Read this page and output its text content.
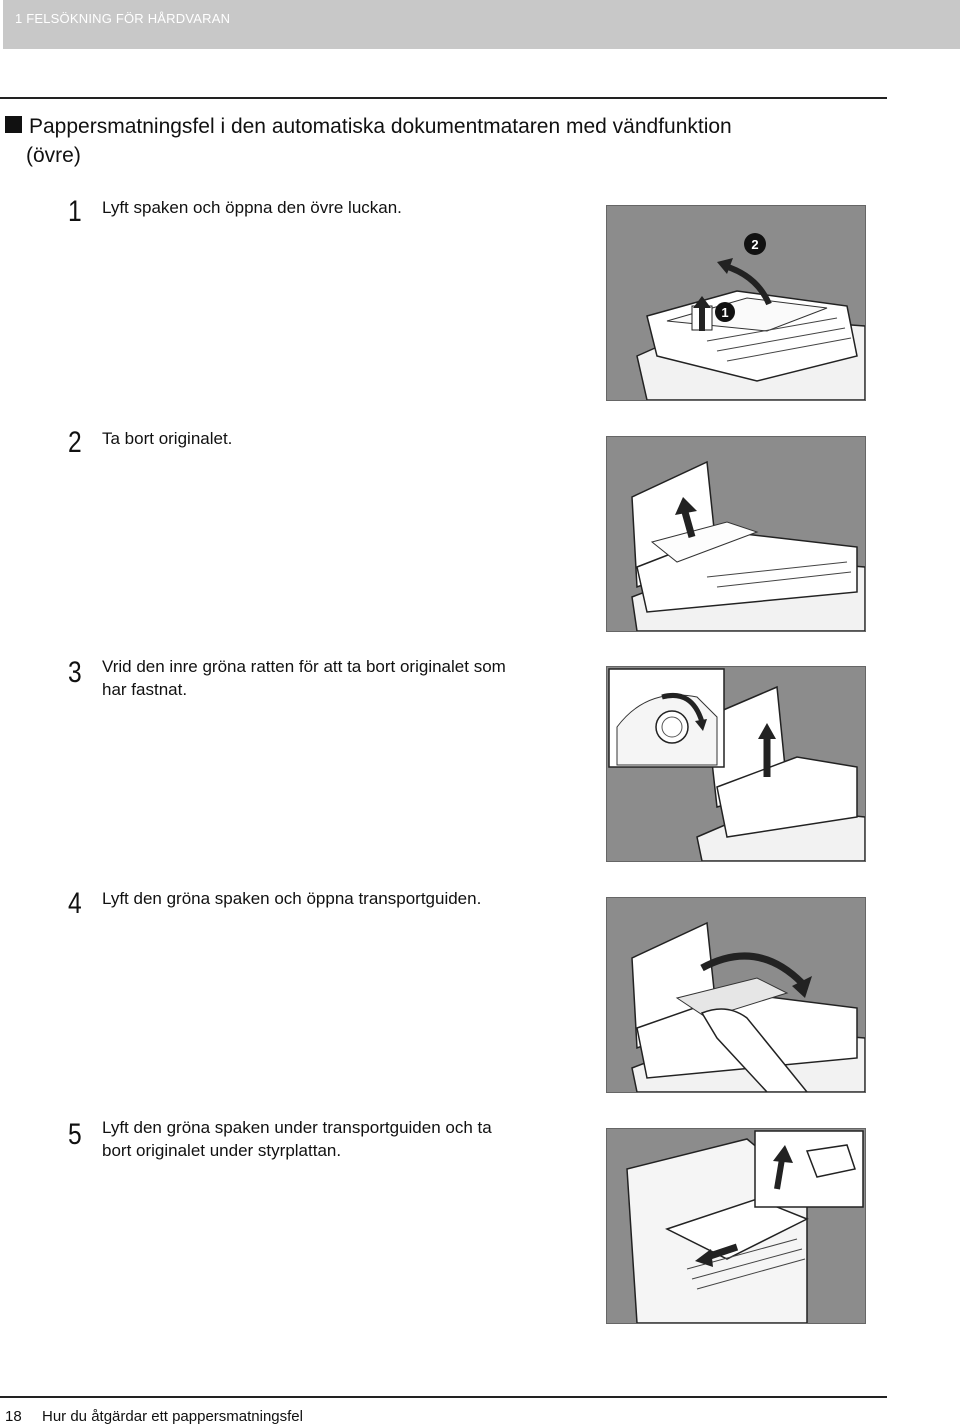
1 FELSÖKNING FÖR HÅRDVARAN
Pappersmatningsfel i den automatiska dokumentmataren med vändfunktion
(övre)
1 Lyft spaken och öppna den övre luckan.
1
2
2 Ta bort originalet.
3 Vrid den inre gröna ratten för att ta bort originalet som
har fastnat.
4 Lyft den gröna spaken och öppna transportguiden.
5 Lyft den gröna spaken under transportguiden och ta
bort originalet under styrplattan.
18 Hur du åtgärdar ett pappersmatningsfel
